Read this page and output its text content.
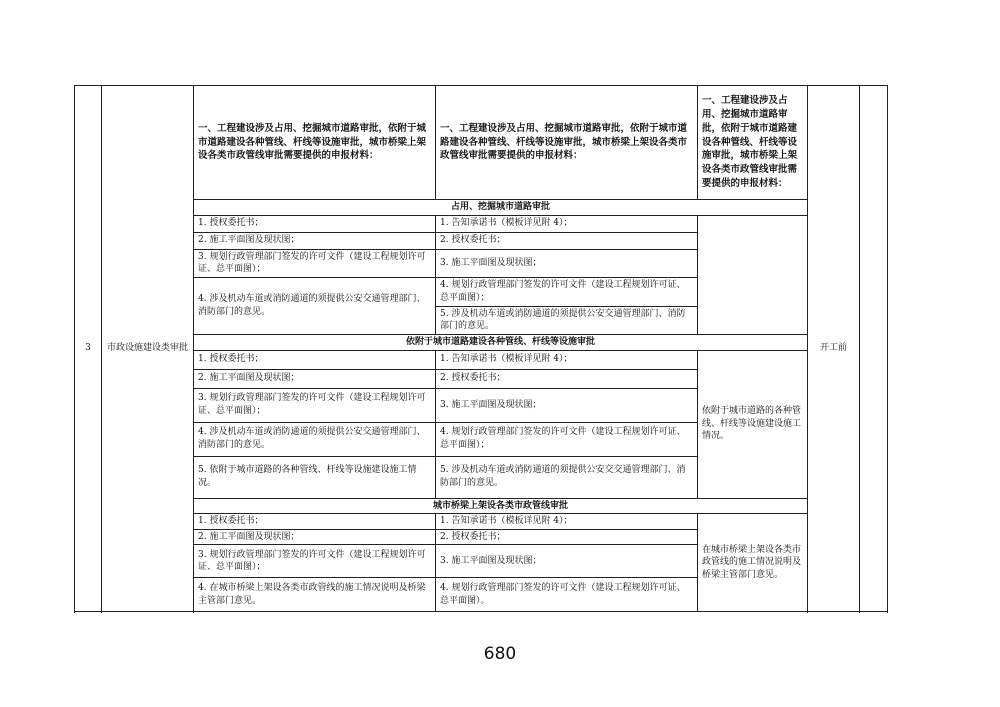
3	市政设施建设类审批	一、工程建设涉及占用、挖掘城市道路审批，依附于城市道路建设各种管线、杆线等设施审批，城市桥梁上架设各类市政管线审批需要提供的申报材料：	一、工程建设涉及占用、挖掘城市道路审批，依附于城市道路建设各种管线、杆线等设施审批，城市桥梁上架设各类市政管线审批需要提供的申报材料：	一、工程建设涉及占用、挖掘城市道路审批，依附于城市道路建设各种管线、杆线等设施审批，城市桥梁上架设各类市政管线审批需要提供的申报材料：	开工前	
		占用、挖掘城市道路审批				
		1. 授权委托书；	1. 告知承诺书（模板详见附 4）；			
		2. 施工平面图及现状图；	2. 授权委托书；			
		3. 规划行政管理部门签发的许可文件（建设工程规划许可证、总平面图）；	3. 施工平面图及现状图；			

		4. 涉及机动车道或消防通道的须提供公安交通管理部门、消防部门的意见。	4. 规划行政管理部门签发的许可文件（建设工程规划许可证、总平面图）；			
			5. 涉及机动车道或消防通道的须提供公安交通管理部门、消防部门的意见。			
		依附于城市道路建设各种管线、杆线等设施审批				
		1. 授权委托书；	1. 告知承诺书（模板详见附 4）；	依附于城市道路的各种管线、杆线等设施建设施工情况。		
		2. 施工平面图及现状图；	2. 授权委托书；			
		3. 规划行政管理部门签发的许可文件（建设工程规划许可证、总平面图）；	3. 施工平面图及现状图；			
		4. 涉及机动车道或消防通道的须提供公安交通管理部门、消防部门的意见。	4. 规划行政管理部门签发的许可文件（建设工程规划许可证、总平面图）；			
		5. 依附于城市道路的各种管线、杆线等设施建设施工情况。	5. 涉及机动车道或消防通道的须提供公安交交通管理部门、消防部门的意见。			
		城市桥梁上架设各类市政管线审批				
		1. 授权委托书；	1. 告知承诺书（模板详见附 4）；	在城市桥梁上架设各类市政管线的施工情况说明及桥梁主管部门意见。		
		2. 施工平面图及现状图；	2. 授权委托书；			
		3. 规划行政管理部门签发的许可文件（建设工程规划许可证、总平面图）；	3. 施工平面图及现状图；			
		4. 在城市桥梁上架设各类市政管线的施工情况说明及桥梁主管部门意见。	4. 规划行政管理部门签发的许可文件（建设工程规划许可证、总平面图）。			

680
